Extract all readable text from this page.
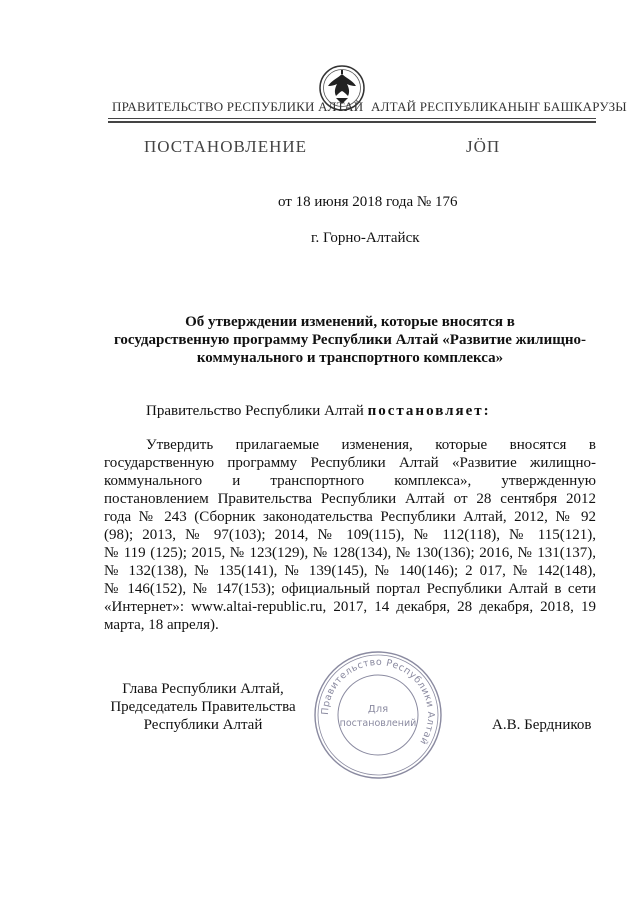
ПРАВИТЕЛЬСТВО РЕСПУБЛИКИ АЛТАЙ АЛТАЙ РЕСПУБЛИКАНЫҤ БАШКАРУЗЫ
ПОСТАНОВЛЕНИЕ	ЈӦП
от 18 июня 2018 года № 176
г. Горно-Алтайск
Об утверждении изменений, которые вносятся в
государственную программу Республики Алтай «Развитие жилищно-
коммунального и транспортного комплекса»
Правительство Республики Алтай постановляет:
Утвердить прилагаемые изменения, которые вносятся в
государственную программу Республики Алтай «Развитие жилищно-
коммунального и транспортного комплекса», утвержденную
постановлением Правительства Республики Алтай от 28 сентября 2012
года № 243 (Сборник законодательства Республики Алтай, 2012, № 92
(98); 2013, № 97(103); 2014, № 109(115), № 112(118), № 115(121),
№ 119 (125); 2015, № 123(129), № 128(134), № 130(136); 2016, № 131(137),
№ 132(138), № 135(141), № 139(145), № 140(146); 2 017, № 142(148),
№ 146(152), № 147(153); официальный портал Республики Алтай в сети
«Интернет»: www.altai-republic.ru, 2017, 14 декабря, 28 декабря, 2018, 19
марта, 18 апреля).
Глава Республики Алтай,
Председатель Правительства
Республики Алтай	А.В. Бердников
Правительство Республики Алтай
Для
постановлений
